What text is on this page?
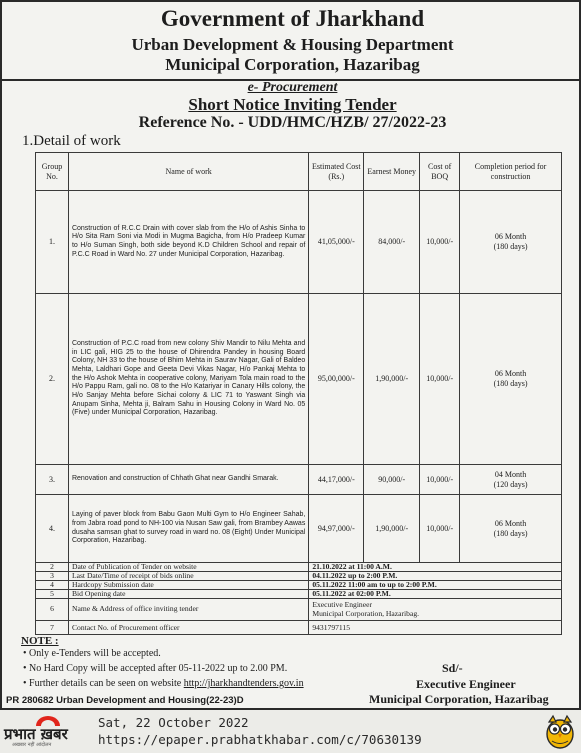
Government of Jharkhand
Urban Development & Housing Department
Municipal Corporation, Hazaribag
e- Procurement
Short Notice Inviting Tender
Reference No. - UDD/HMC/HZB/ 27/2022-23
1.Detail of work
Group No.	Name of work	Estimated Cost (Rs.)	Earnest Money	Cost of BOQ	Completion period for construction
1.	Construction of R.C.C Drain with cover slab from the H/o of Ashis Sinha to H/o Sita Ram Soni via Modi in Mugma Bagicha, from H/o Pradeep Kumar to H/o Suman Singh, both side beyond K.D Children School and repair of P.C.C Road in Ward No. 27 under Municipal Corporation, Hazaribag.	41,05,000/-	84,000/-	10,000/-	06 Month
(180 days)
2.	Construction of P.C.C road from new colony Shiv Mandir to Nilu Mehta and in LIC gali, HIG 25 to the house of Dhirendra Pandey in housing Board Colony, NH 33 to the house of Bhim Mehta in Saurav Nagar, Gali of Baldeo Mehta, Laldhari Gope and Geeta Devi Vikas Nagar, H/o Pankaj Mehta to the H/o Ashok Mehta in cooperative colony, Mariyam Tola main road to the H/o Pappu Ram, gali no. 08 to the H/o Katariyar in Canary Hills colony, the H/o Sanjay Mehta before Sichai colony & LIC 71 to Yaswant Singh via Anupam Sinha, Mehta ji, Balram Sahu in Housing Colony in Ward No. 05 (Five) under Municipal Corporation, Hazaribag.	95,00,000/-	1,90,000/-	10,000/-	06 Month
(180 days)
3.	Renovation and construction of Chhath Ghat near Gandhi Smarak.	44,17,000/-	90,000/-	10,000/-	04 Month
(120 days)
4.	Laying of paver block from Babu Gaon Multi Gym to H/o Engineer Sahab, from Jabra road pond to NH-100 via Nusan Saw gali, from Brambey Aawas dusaha samsan ghat to survey road in ward no. 08 (Eight) Under Municipal Corporation, Hazaribag.	94,97,000/-	1,90,000/-	10,000/-	06 Month
(180 days)
2	Date of Publication of Tender on website	21.10.2022 at 11:00 A.M.			
3	Last Date/Time of receipt of bids online	04.11.2022 up to 2:00 P.M.			
4	Hardcopy Submission date	05.11.2022 11:00 am to up to 2:00 P.M.			
5	Bid Opening date	05.11.2022 at 02:00 P.M.			
6	Name & Address of office inviting tender	Executive Engineer
Municipal Corporation, Hazaribag.			
7	Contact No. of Procurement officer	9431797115			
NOTE :
• Only e-Tenders will be accepted.
• No Hard Copy will be accepted after 05-11-2022 up to 2.00 PM.
• Further details can be seen on website http://jharkhandtenders.gov.in
Sd/-
Executive Engineer
Municipal Corporation, Hazaribag
PR 280682 Urban Development and Housing(22-23)D
प्रभात ख़बर
अखबार नहीं आंदोलन
Sat, 22 October 2022
https://epaper.prabhatkhabar.com/c/70630139
